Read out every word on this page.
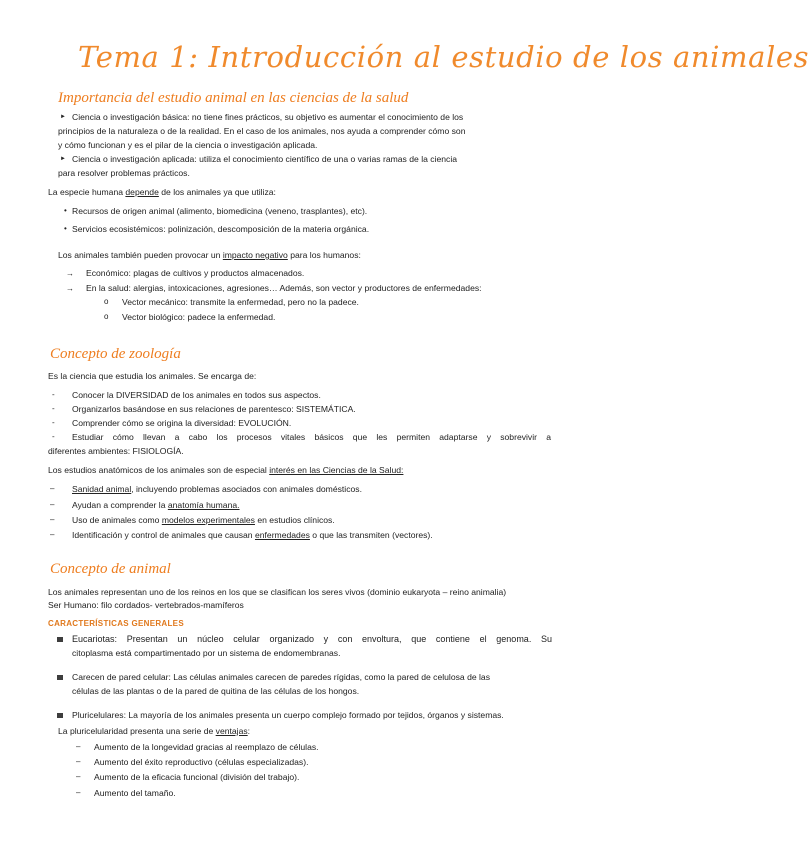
Tema 1: Introducción al estudio de los animales
Importancia del estudio animal en las ciencias de la salud
► Ciencia o investigación básica: no tiene fines prácticos, su objetivo es aumentar el conocimiento de los
principios de la naturaleza o de la realidad. En el caso de los animales, nos ayuda a comprender cómo son
y cómo funcionan y es el pilar de la ciencia o investigación aplicada.
► Ciencia o investigación aplicada: utiliza el conocimiento científico de una o varias ramas de la ciencia
para resolver problemas prácticos.
La especie humana depende de los animales ya que utiliza:
• Recursos de origen animal (alimento, biomedicina (veneno, trasplantes), etc).
• Servicios ecosistémicos: polinización, descomposición de la materia orgánica.
Los animales también pueden provocar un impacto negativo para los humanos:
→ Económico: plagas de cultivos y productos almacenados.
→ En la salud: alergias, intoxicaciones, agresiones… Además, son vector y productores de enfermedades:
o Vector mecánico: transmite la enfermedad, pero no la padece.
o Vector biológico: padece la enfermedad.
Concepto de zoología
Es la ciencia que estudia los animales. Se encarga de:
- Conocer la DIVERSIDAD de los animales en todos sus aspectos.
- Organizarlos basándose en sus relaciones de parentesco: SISTEMÁTICA.
- Comprender cómo se origina la diversidad: EVOLUCIÓN.
- Estudiar cómo llevan a cabo los procesos vitales básicos que les permiten adaptarse y sobrevivir a
diferentes ambientes: FISIOLOGÍA.
Los estudios anatómicos de los animales son de especial interés en las Ciencias de la Salud:
– Sanidad animal, incluyendo problemas asociados con animales domésticos.
– Ayudan a comprender la anatomía humana.
– Uso de animales como modelos experimentales en estudios clínicos.
– Identificación y control de animales que causan enfermedades o que las transmiten (vectores).
Concepto de animal
Los animales representan uno de los reinos en los que se clasifican los seres vivos (dominio eukaryota – reino animalia)
Ser Humano: filo cordados- vertebrados-mamíferos
CARACTERÍSTICAS GENERALES
Eucariotas: Presentan un núcleo celular organizado y con envoltura, que contiene el genoma. Su
citoplasma está compartimentado por un sistema de endomembranas.
Carecen de pared celular: Las células animales carecen de paredes rígidas, como la pared de celulosa de las
células de las plantas o de la pared de quitina de las células de los hongos.
Pluricelulares: La mayoría de los animales presenta un cuerpo complejo formado por tejidos, órganos y sistemas.
La pluricelularidad presenta una serie de ventajas:
– Aumento de la longevidad gracias al reemplazo de células.
– Aumento del éxito reproductivo (células especializadas).
– Aumento de la eficacia funcional (división del trabajo).
– Aumento del tamaño.
